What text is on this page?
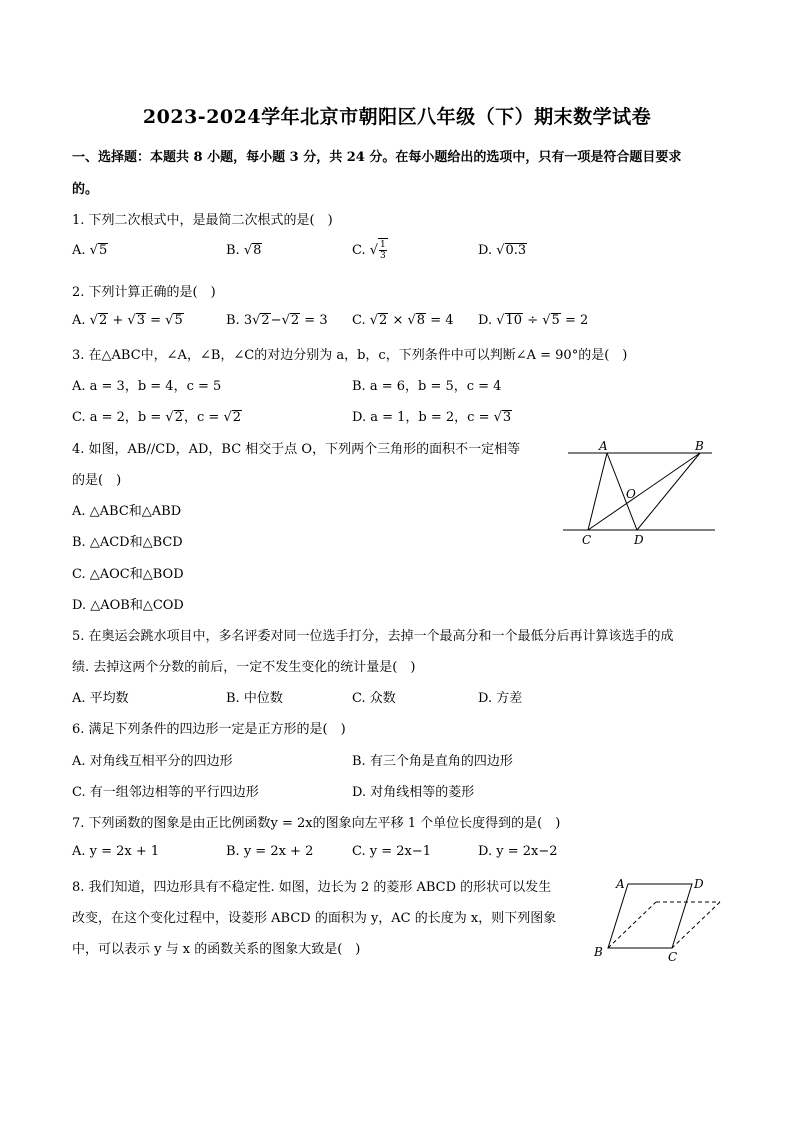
2023-2024学年北京市朝阳区八年级（下）期末数学试卷
一、选择题：本题共 8 小题，每小题 3 分，共 24 分。在每小题给出的选项中，只有一项是符合题目要求
的。
1. 下列二次根式中，是最简二次根式的是(　)
A. √5	B. √8	C. √ $\frac{1}{3}$	D. √0.3
2. 下列计算正确的是(　)
A. √2 + √3 = √5	B. 3√2−√2 = 3 C. √2 × √8 = 4 D. √10 ÷ √5 = 2
3. 在△ABC中，∠A，∠B，∠C的对边分别为 a，b，c，下列条件中可以判断∠A = 90°的是(　)
A. a = 3，b = 4，c = 5	B. a = 6，b = 5，c = 4
C. a = 2，b = √2，c = √2	D. a = 1，b = 2，c = √3
4. 如图，AB//CD，AD，BC 相交于点 O，下列两个三角形的面积不一定相等
的是(　)
A. △ABC和△ABD
B. △ACD和△BCD
C. △AOC和△BOD
D. △AOB和△COD
A	B
O
C	D
5. 在奥运会跳水项目中，多名评委对同一位选手打分，去掉一个最高分和一个最低分后再计算该选手的成
绩. 去掉这两个分数的前后，一定不发生变化的统计量是(　)
A. 平均数	B. 中位数	C. 众数	D. 方差
6. 满足下列条件的四边形一定是正方形的是(　)
A. 对角线互相平分的四边形	B. 有三个角是直角的四边形
C. 有一组邻边相等的平行四边形	D. 对角线相等的菱形
7. 下列函数的图象是由正比例函数y = 2x的图象向左平移 1 个单位长度得到的是(　)
A. y = 2x + 1	B. y = 2x + 2	C. y = 2x−1	D. y = 2x−2
8. 我们知道，四边形具有不稳定性. 如图，边长为 2 的菱形 ABCD 的形状可以发生
改变，在这个变化过程中，设菱形 ABCD 的面积为 y，AC 的长度为 x，则下列图象
中，可以表示 y 与 x 的函数关系的图象大致是(　)
A	D
B	C
